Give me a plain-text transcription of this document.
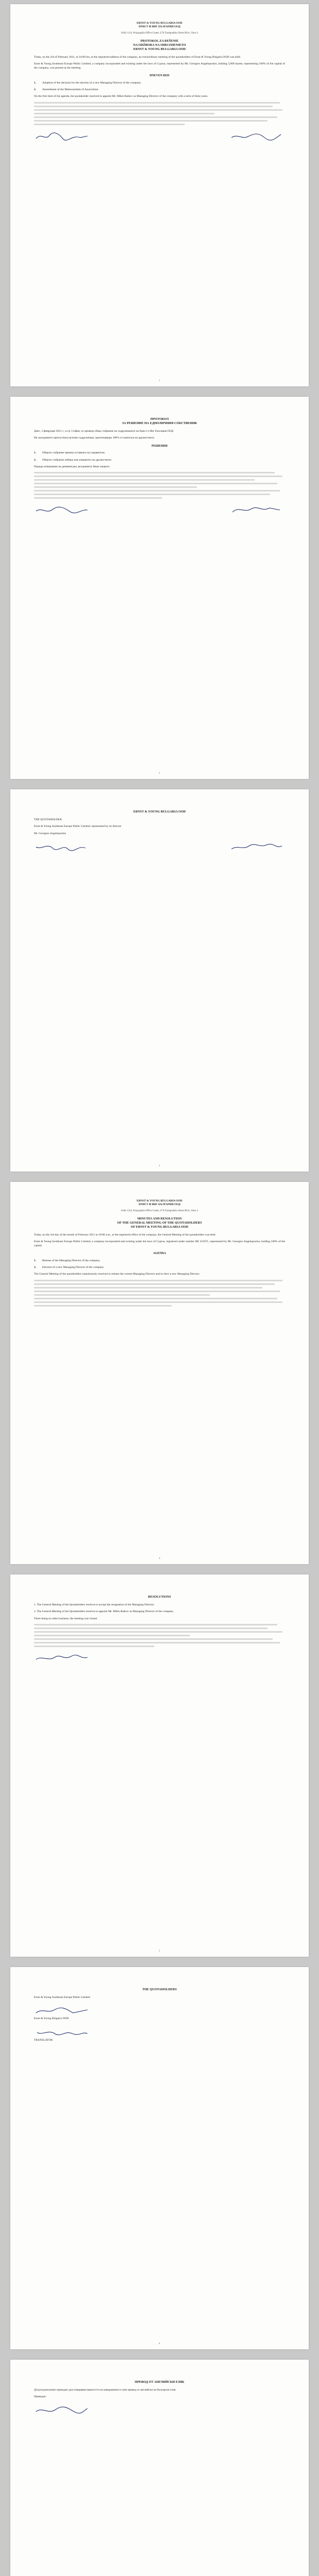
ERNST & YOUNG BULGARIA OOD
ЕРНСТ И ЯНГ БЪЛГАРИЯ ООД
Sofia 1124, Polygraphia Office Center, 47A Tsarigradsko Shose Blvd., floor 4
PROTOKOL ZA REŠENIE
NA ODŽBORA NA SDRUZHENIETO
ERNST & YOUNG BULGARIA OOD

Today, on the 3rd of February 2011, at 10:00 hrs, at the registered address of the company, an extraordinary meeting of the quotaholders of Ernst & Young Bulgaria OOD was held.

Ernst & Young Southeast Europe Public Limited, a company incorporated and existing under the laws of Cyprus, represented by Mr. Georgios Angelopoulos, holding 5,000 shares, representing 100% of the capital of the company, was present at the meeting.

DNEVEN RED
1.	Adoption of the decision for the election of a new Managing Director of the company.
2.	Amendment of the Memorandum of Association.

On the first item of the agenda, the quotaholder resolved to appoint Mr. Milen Raikov as Managing Director of the company with a term of three years.

1
ПРОТОКОЛ
ЗА РЕШЕНИЕ НА ЕДНОЛИЧНИЯ СОБСТВЕНИК

Днес, 3 февруари 2011 г., в гр. София, се проведе общо събрание на съдружниците на Ернст и Янг България ООД.

На заседанието присъстваха всички съдружници, притежаващи 100% от капитала на дружеството.

РЕШЕНИЯ
1.	Общото събрание приема оставката на управителя.
2.	Общото събрание избира нов управител на дружеството.

Поради изчерпване на дневния ред заседанието беше закрито.

2
ERNST & YOUNG BULGARIA OOD

THE QUOTAHOLDER

Ernst & Young Southeast Europe Public Limited, represented by its director

Mr. Georgios Angelopoulos

3
ERNST & YOUNG BULGARIA OOD
ЕРНСТ И ЯНГ БЪЛГАРИЯ ООД
Sofia 1124, Polygraphia Office Center, 47A Tsarigradsko Shose Blvd., floor 4
MINUTES AND RESOLUTION
OF THE GENERAL MEETING OF THE QUOTAHOLDERS
OF ERNST & YOUNG BULGARIA OOD

Today, on the 3rd day of the month of February 2011 at 10:00 a.m., at the registered office of the company, the General Meeting of the quotaholders was held.

Ernst & Young Southeast Europe Public Limited, a company incorporated and existing under the laws of Cyprus, registered under number HE 161071, represented by Mr. Georgios Angelopoulos, holding 100% of the capital.

AGENDA
1.	Release of the Managing Director of the company.
2.	Election of a new Managing Director of the company.

The General Meeting of the quotaholders unanimously resolved to release the current Managing Director and to elect a new Managing Director.

4
RESOLUTIONS

1. The General Meeting of the Quotaholders resolves to accept the resignation of the Managing Director.

2. The General Meeting of the Quotaholders resolves to appoint Mr. Milen Raikov as Managing Director of the company.

There being no other business, the meeting was closed.

5
THE QUOTAHOLDERS

Ernst & Young Southeast Europe Public Limited

Ernst & Young Bulgaria OOD

TRANSLATOR

6
ПРЕВОД ОТ АНГЛИЙСКИ ЕЗИК

Долуподписаният преводач удостоверявам верността на извършения от мен превод от английски на български език.

Преводач:
